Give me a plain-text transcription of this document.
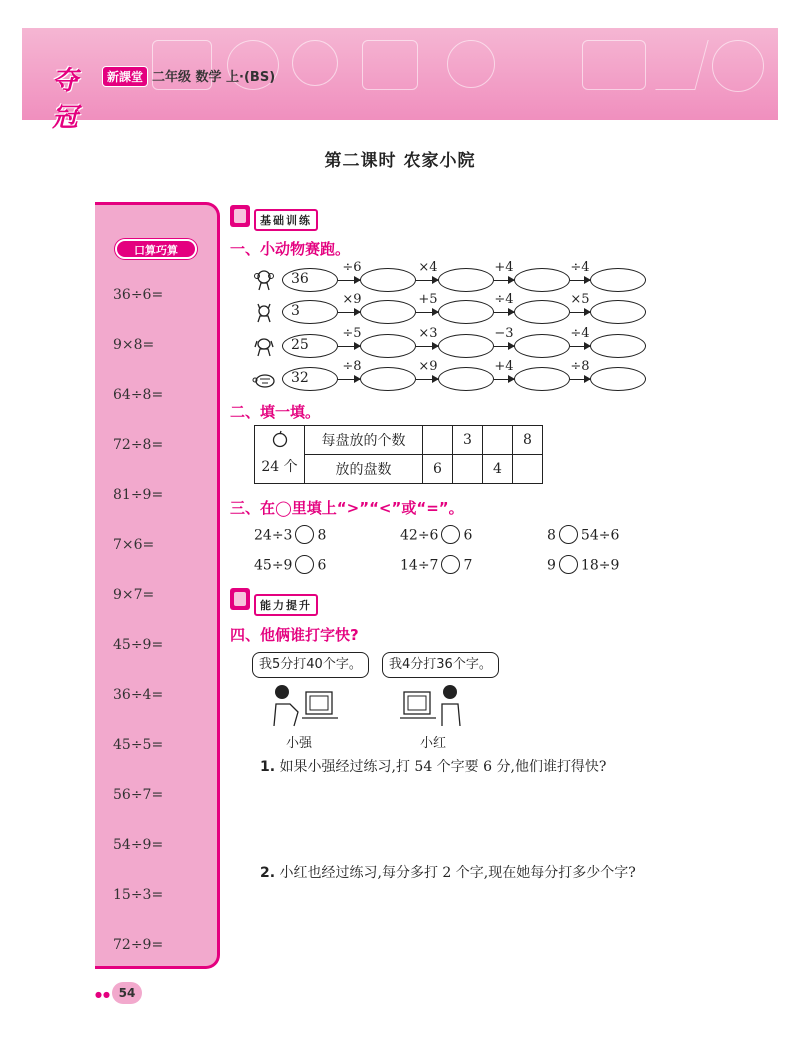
夺冠
新課堂 二年级 数学 上·(BS)
第二课时 农家小院
口算巧算
36÷6=
9×8=
64÷8=
72÷8=
81÷9=
7×6=
9×7=
45÷9=
36÷4=
45÷5=
56÷7=
54÷9=
15÷3=
72÷9=
基础训练
一、小动物赛跑。
36
÷6	×4	+4	÷4
3
×9	+5	÷4	×5
25
÷5	×3	−3	÷4
32
÷8	×9	+4	÷8
二、填一填。
24 个	每盘放的个数		3		8
	放的盘数	6		4	
三、在◯里填上“>”“<”或“=”。
24÷3 8	42÷6 6	8 54÷6
45÷9 6	14÷7 7	9 18÷9
能力提升
四、他俩谁打字快?
我5分打40个字。	我4分打36个字。
小强	小红
1. 如果小强经过练习,打 54 个字要 6 分,他们谁打得快?
2. 小红也经过练习,每分多打 2 个字,现在她每分打多少个字?
●● 54
